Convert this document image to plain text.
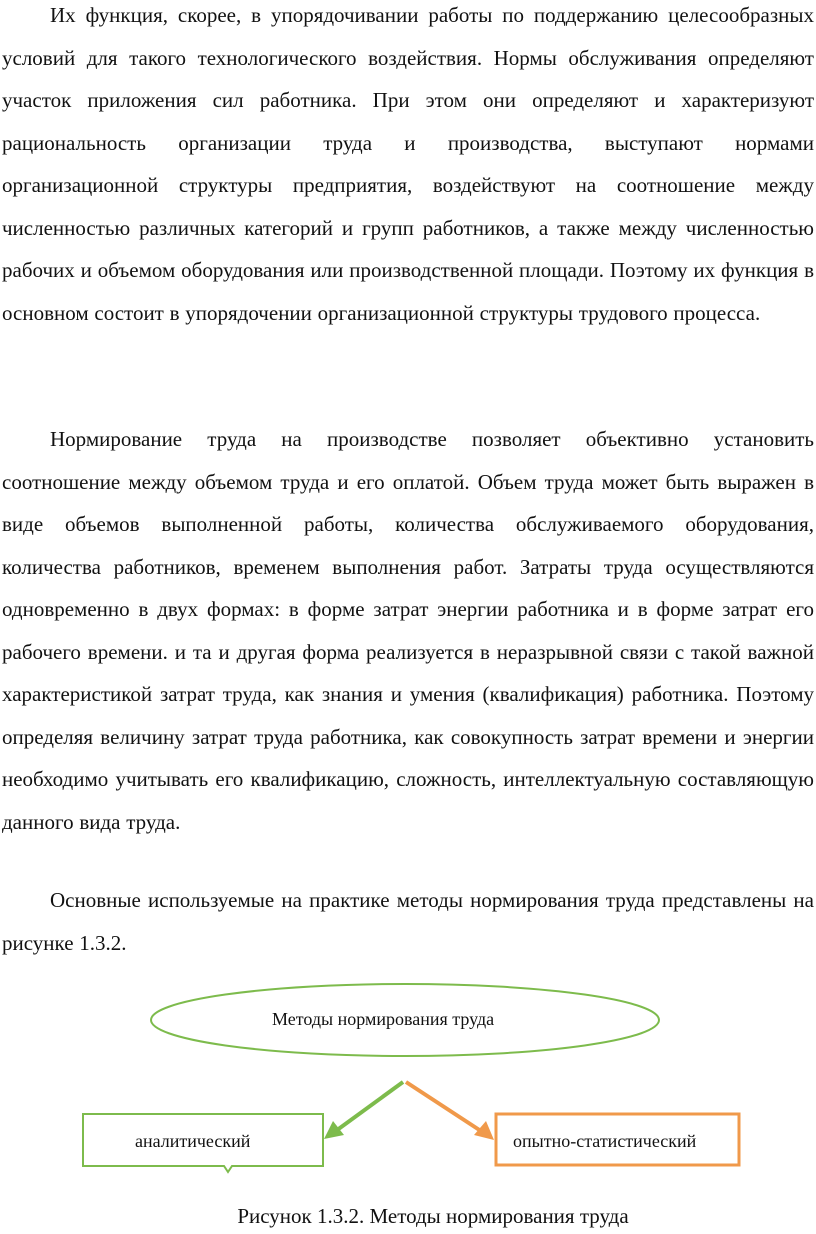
Их функция, скорее, в упорядочивании работы по поддержанию целесообразных условий для такого технологического воздействия. Нормы обслуживания определяют участок приложения сил работника. При этом они определяют и характеризуют рациональность организации труда и производства, выступают нормами организационной структуры предприятия, воздействуют на соотношение между численностью различных категорий и групп работников, а также между численностью рабочих и объемом оборудования или производственной площади. Поэтому их функция в основном состоит в упорядочении организационной структуры трудового процесса.

Нормирование труда на производстве позволяет объективно установить соотношение между объемом труда и его оплатой. Объем труда может быть выражен в виде объемов выполненной работы, количества обслуживаемого оборудования, количества работников, временем выполнения работ. Затраты труда осуществляются одновременно в двух формах: в форме затрат энергии работника и в форме затрат его рабочего времени. и та и другая форма реализуется в неразрывной связи с такой важной характеристикой затрат труда, как знания и умения (квалификация) работника. Поэтому определяя величину затрат труда работника, как совокупность затрат времени и энергии необходимо учитывать его квалификацию, сложность, интеллектуальную составляющую данного вида труда.

Основные используемые на практике методы нормирования труда представлены на рисунке 1.3.2.

Методы нормирования труда
аналитический	опытно-статистический
Рисунок 1.3.2. Методы нормирования труда
